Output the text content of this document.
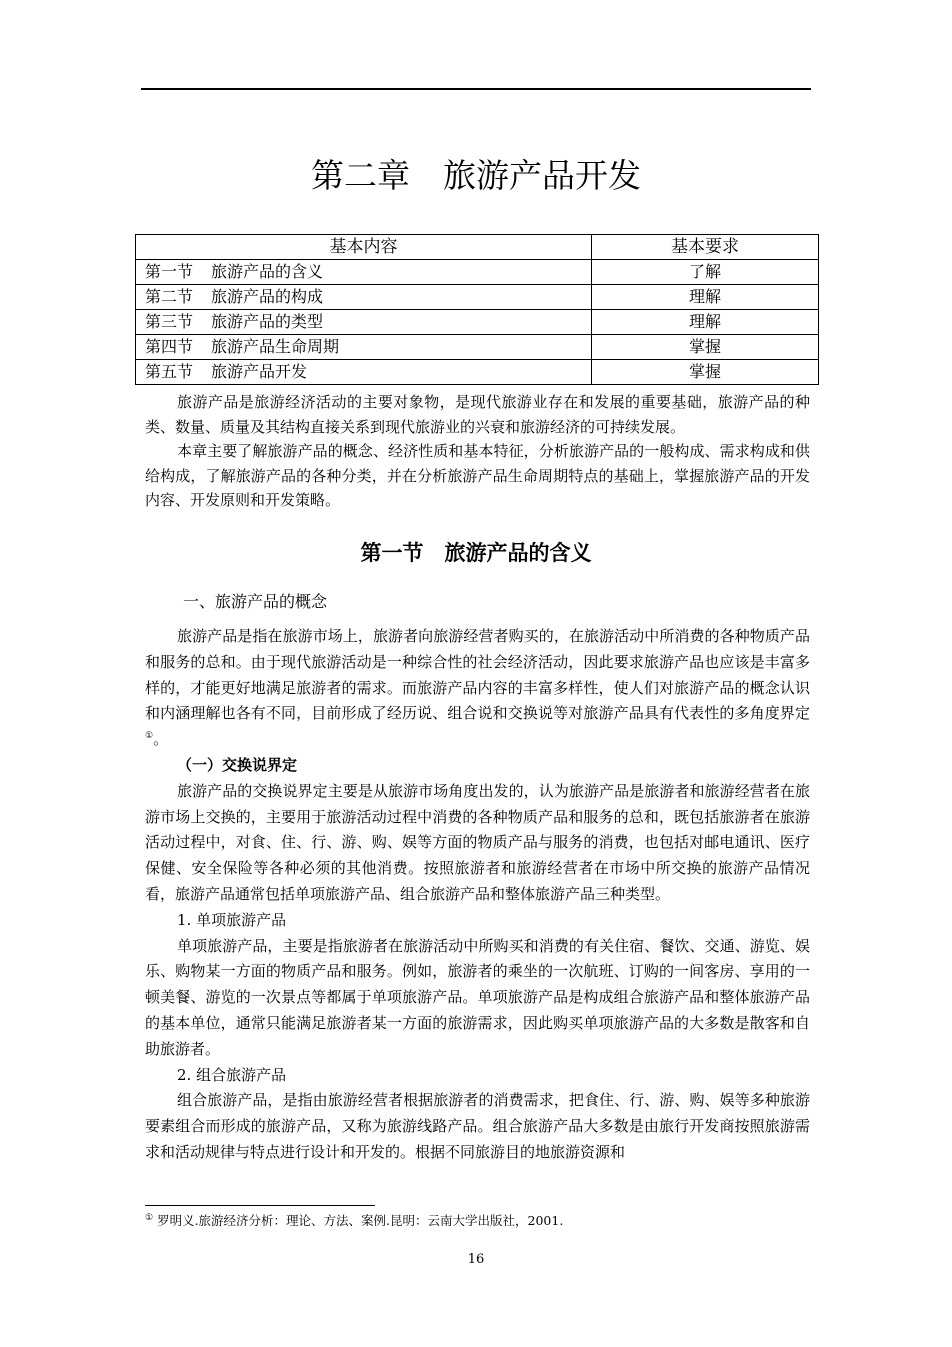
第二章　旅游产品开发
基本内容	基本要求
第一节 旅游产品的含义	了解
第二节 旅游产品的构成	理解
第三节 旅游产品的类型	理解
第四节 旅游产品生命周期	掌握
第五节 旅游产品开发	掌握

旅游产品是旅游经济活动的主要对象物，是现代旅游业存在和发展的重要基础，旅游产品的种类、数量、质量及其结构直接关系到现代旅游业的兴衰和旅游经济的可持续发展。

本章主要了解旅游产品的概念、经济性质和基本特征，分析旅游产品的一般构成、需求构成和供给构成，了解旅游产品的各种分类，并在分析旅游产品生命周期特点的基础上，掌握旅游产品的开发内容、开发原则和开发策略。

第一节　旅游产品的含义
一、旅游产品的概念

旅游产品是指在旅游市场上，旅游者向旅游经营者购买的，在旅游活动中所消费的各种物质产品和服务的总和。由于现代旅游活动是一种综合性的社会经济活动，因此要求旅游产品也应该是丰富多样的，才能更好地满足旅游者的需求。而旅游产品内容的丰富多样性，使人们对旅游产品的概念认识和内涵理解也各有不同，目前形成了经历说、组合说和交换说等对旅游产品具有代表性的多角度界定①。

（一）交换说界定

旅游产品的交换说界定主要是从旅游市场角度出发的，认为旅游产品是旅游者和旅游经营者在旅游市场上交换的，主要用于旅游活动过程中消费的各种物质产品和服务的总和，既包括旅游者在旅游活动过程中，对食、住、行、游、购、娱等方面的物质产品与服务的消费，也包括对邮电通讯、医疗保健、安全保险等各种必须的其他消费。按照旅游者和旅游经营者在市场中所交换的旅游产品情况看，旅游产品通常包括单项旅游产品、组合旅游产品和整体旅游产品三种类型。

1. 单项旅游产品

单项旅游产品，主要是指旅游者在旅游活动中所购买和消费的有关住宿、餐饮、交通、游览、娱乐、购物某一方面的物质产品和服务。例如，旅游者的乘坐的一次航班、订购的一间客房、享用的一顿美餐、游览的一次景点等都属于单项旅游产品。单项旅游产品是构成组合旅游产品和整体旅游产品的基本单位，通常只能满足旅游者某一方面的旅游需求，因此购买单项旅游产品的大多数是散客和自助旅游者。

2. 组合旅游产品

组合旅游产品，是指由旅游经营者根据旅游者的消费需求，把食住、行、游、购、娱等多种旅游要素组合而形成的旅游产品，又称为旅游线路产品。组合旅游产品大多数是由旅行开发商按照旅游需求和活动规律与特点进行设计和开发的。根据不同旅游目的地旅游资源和

① 罗明义.旅游经济分析：理论、方法、案例.昆明：云南大学出版社，2001.
16
